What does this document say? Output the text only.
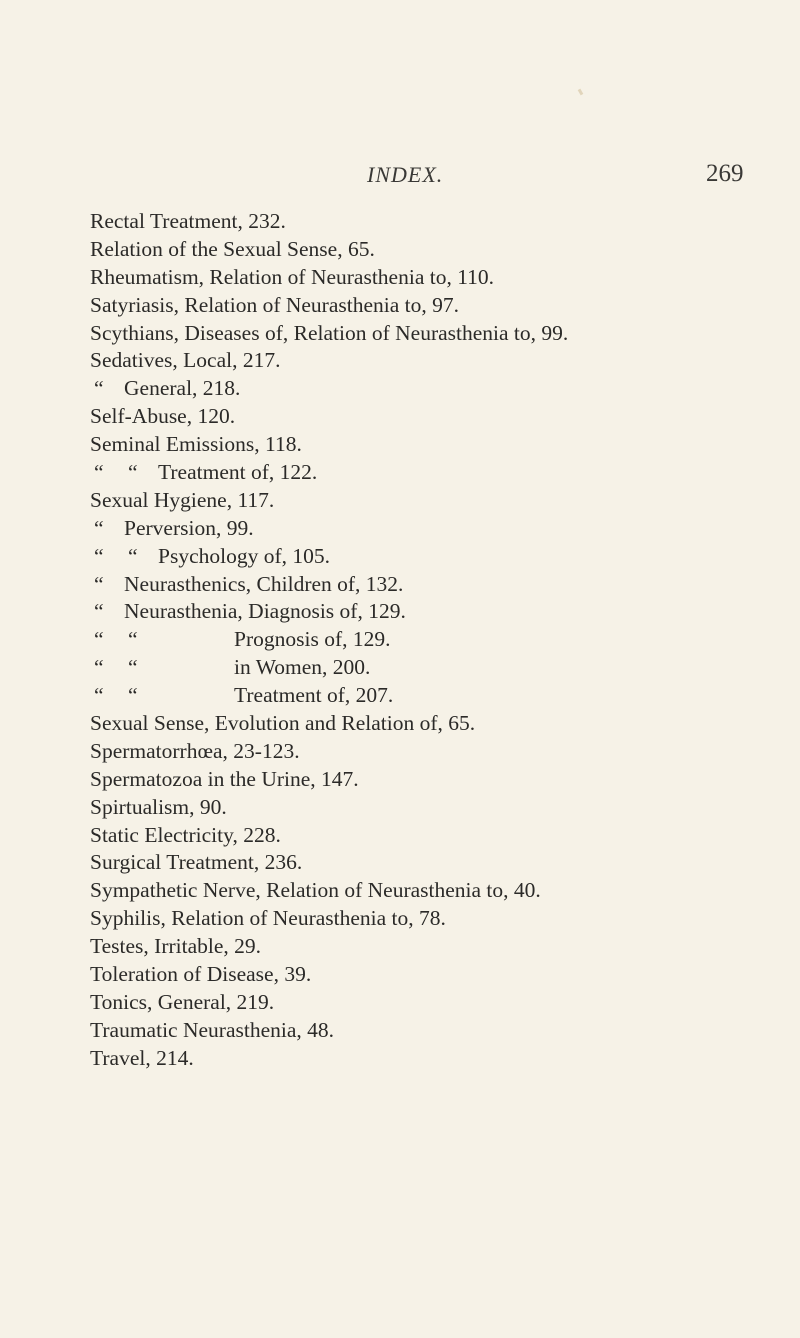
INDEX.	269
Rectal Treatment, 232.
Relation of the Sexual Sense, 65.
Rheumatism, Relation of Neurasthenia to, 110.
Satyriasis, Relation of Neurasthenia to, 97.
Scythians, Diseases of, Relation of Neurasthenia to, 99.
Sedatives, Local, 217.
“ General, 218.
Self-Abuse, 120.
Seminal Emissions, 118.
“ “ Treatment of, 122.
Sexual Hygiene, 117.
“ Perversion, 99.
“ “ Psychology of, 105.
“ Neurasthenics, Children of, 132.
“ Neurasthenia, Diagnosis of, 129.
“ “	Prognosis of, 129.
“ “	in Women, 200.
“ “	Treatment of, 207.
Sexual Sense, Evolution and Relation of, 65.
Spermatorrhœa, 23-123.
Spermatozoa in the Urine, 147.
Spirtualism, 90.
Static Electricity, 228.
Surgical Treatment, 236.
Sympathetic Nerve, Relation of Neurasthenia to, 40.
Syphilis, Relation of Neurasthenia to, 78.
Testes, Irritable, 29.
Toleration of Disease, 39.
Tonics, General, 219.
Traumatic Neurasthenia, 48.
Travel, 214.
